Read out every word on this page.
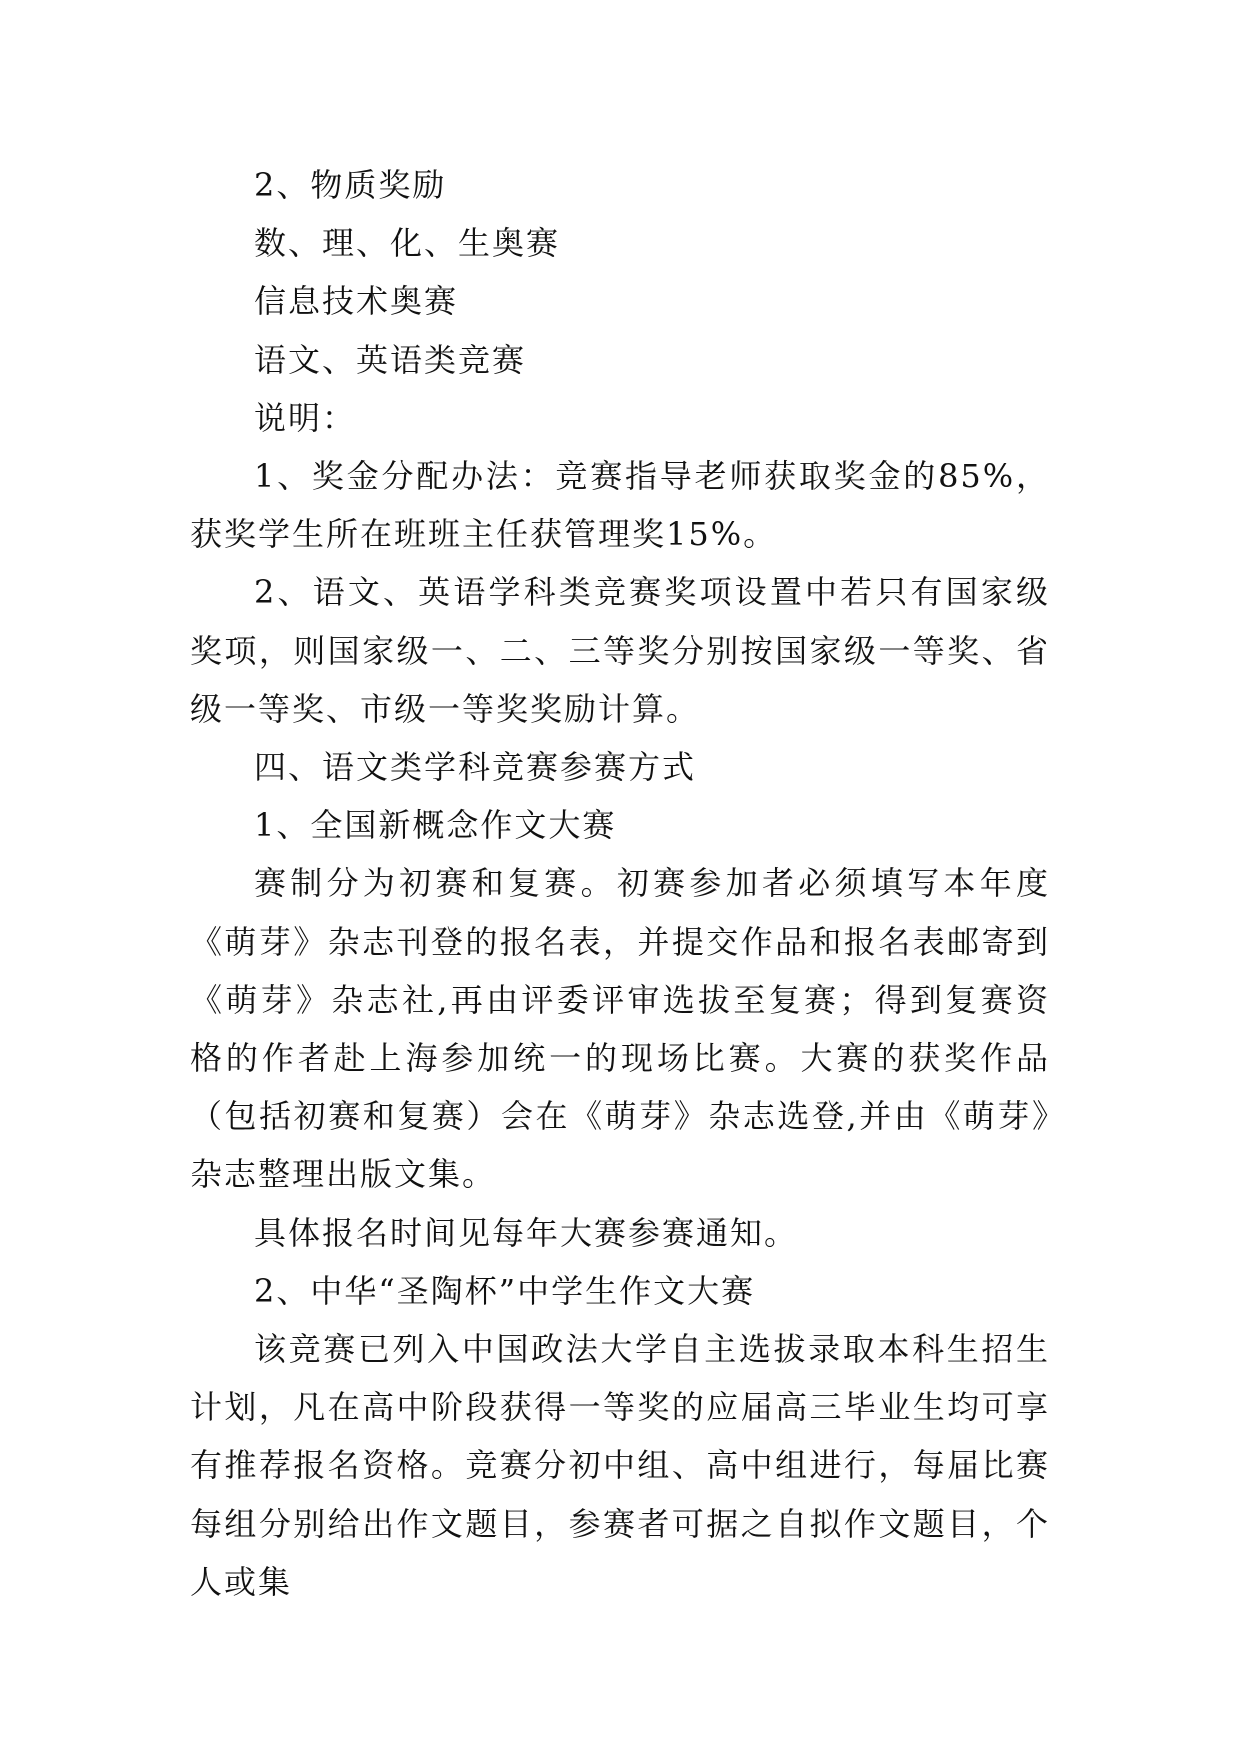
2、物质奖励

数、理、化、生奥赛

信息技术奥赛

语文、英语类竞赛

说明：

1、奖金分配办法：竞赛指导老师获取奖金的85%，获奖学生所在班班主任获管理奖15%。

2、语文、英语学科类竞赛奖项设置中若只有国家级奖项，则国家级一、二、三等奖分别按国家级一等奖、省级一等奖、市级一等奖奖励计算。

四、语文类学科竞赛参赛方式

1、全国新概念作文大赛

赛制分为初赛和复赛。初赛参加者必须填写本年度《萌芽》杂志刊登的报名表，并提交作品和报名表邮寄到《萌芽》杂志社,再由评委评审选拔至复赛；得到复赛资格的作者赴上海参加统一的现场比赛。大赛的获奖作品（包括初赛和复赛）会在《萌芽》杂志选登,并由《萌芽》杂志整理出版文集。

具体报名时间见每年大赛参赛通知。

2、中华“圣陶杯”中学生作文大赛

该竞赛已列入中国政法大学自主选拔录取本科生招生计划，凡在高中阶段获得一等奖的应届高三毕业生均可享有推荐报名资格。竞赛分初中组、高中组进行，每届比赛每组分别给出作文题目，参赛者可据之自拟作文题目，个人或集
